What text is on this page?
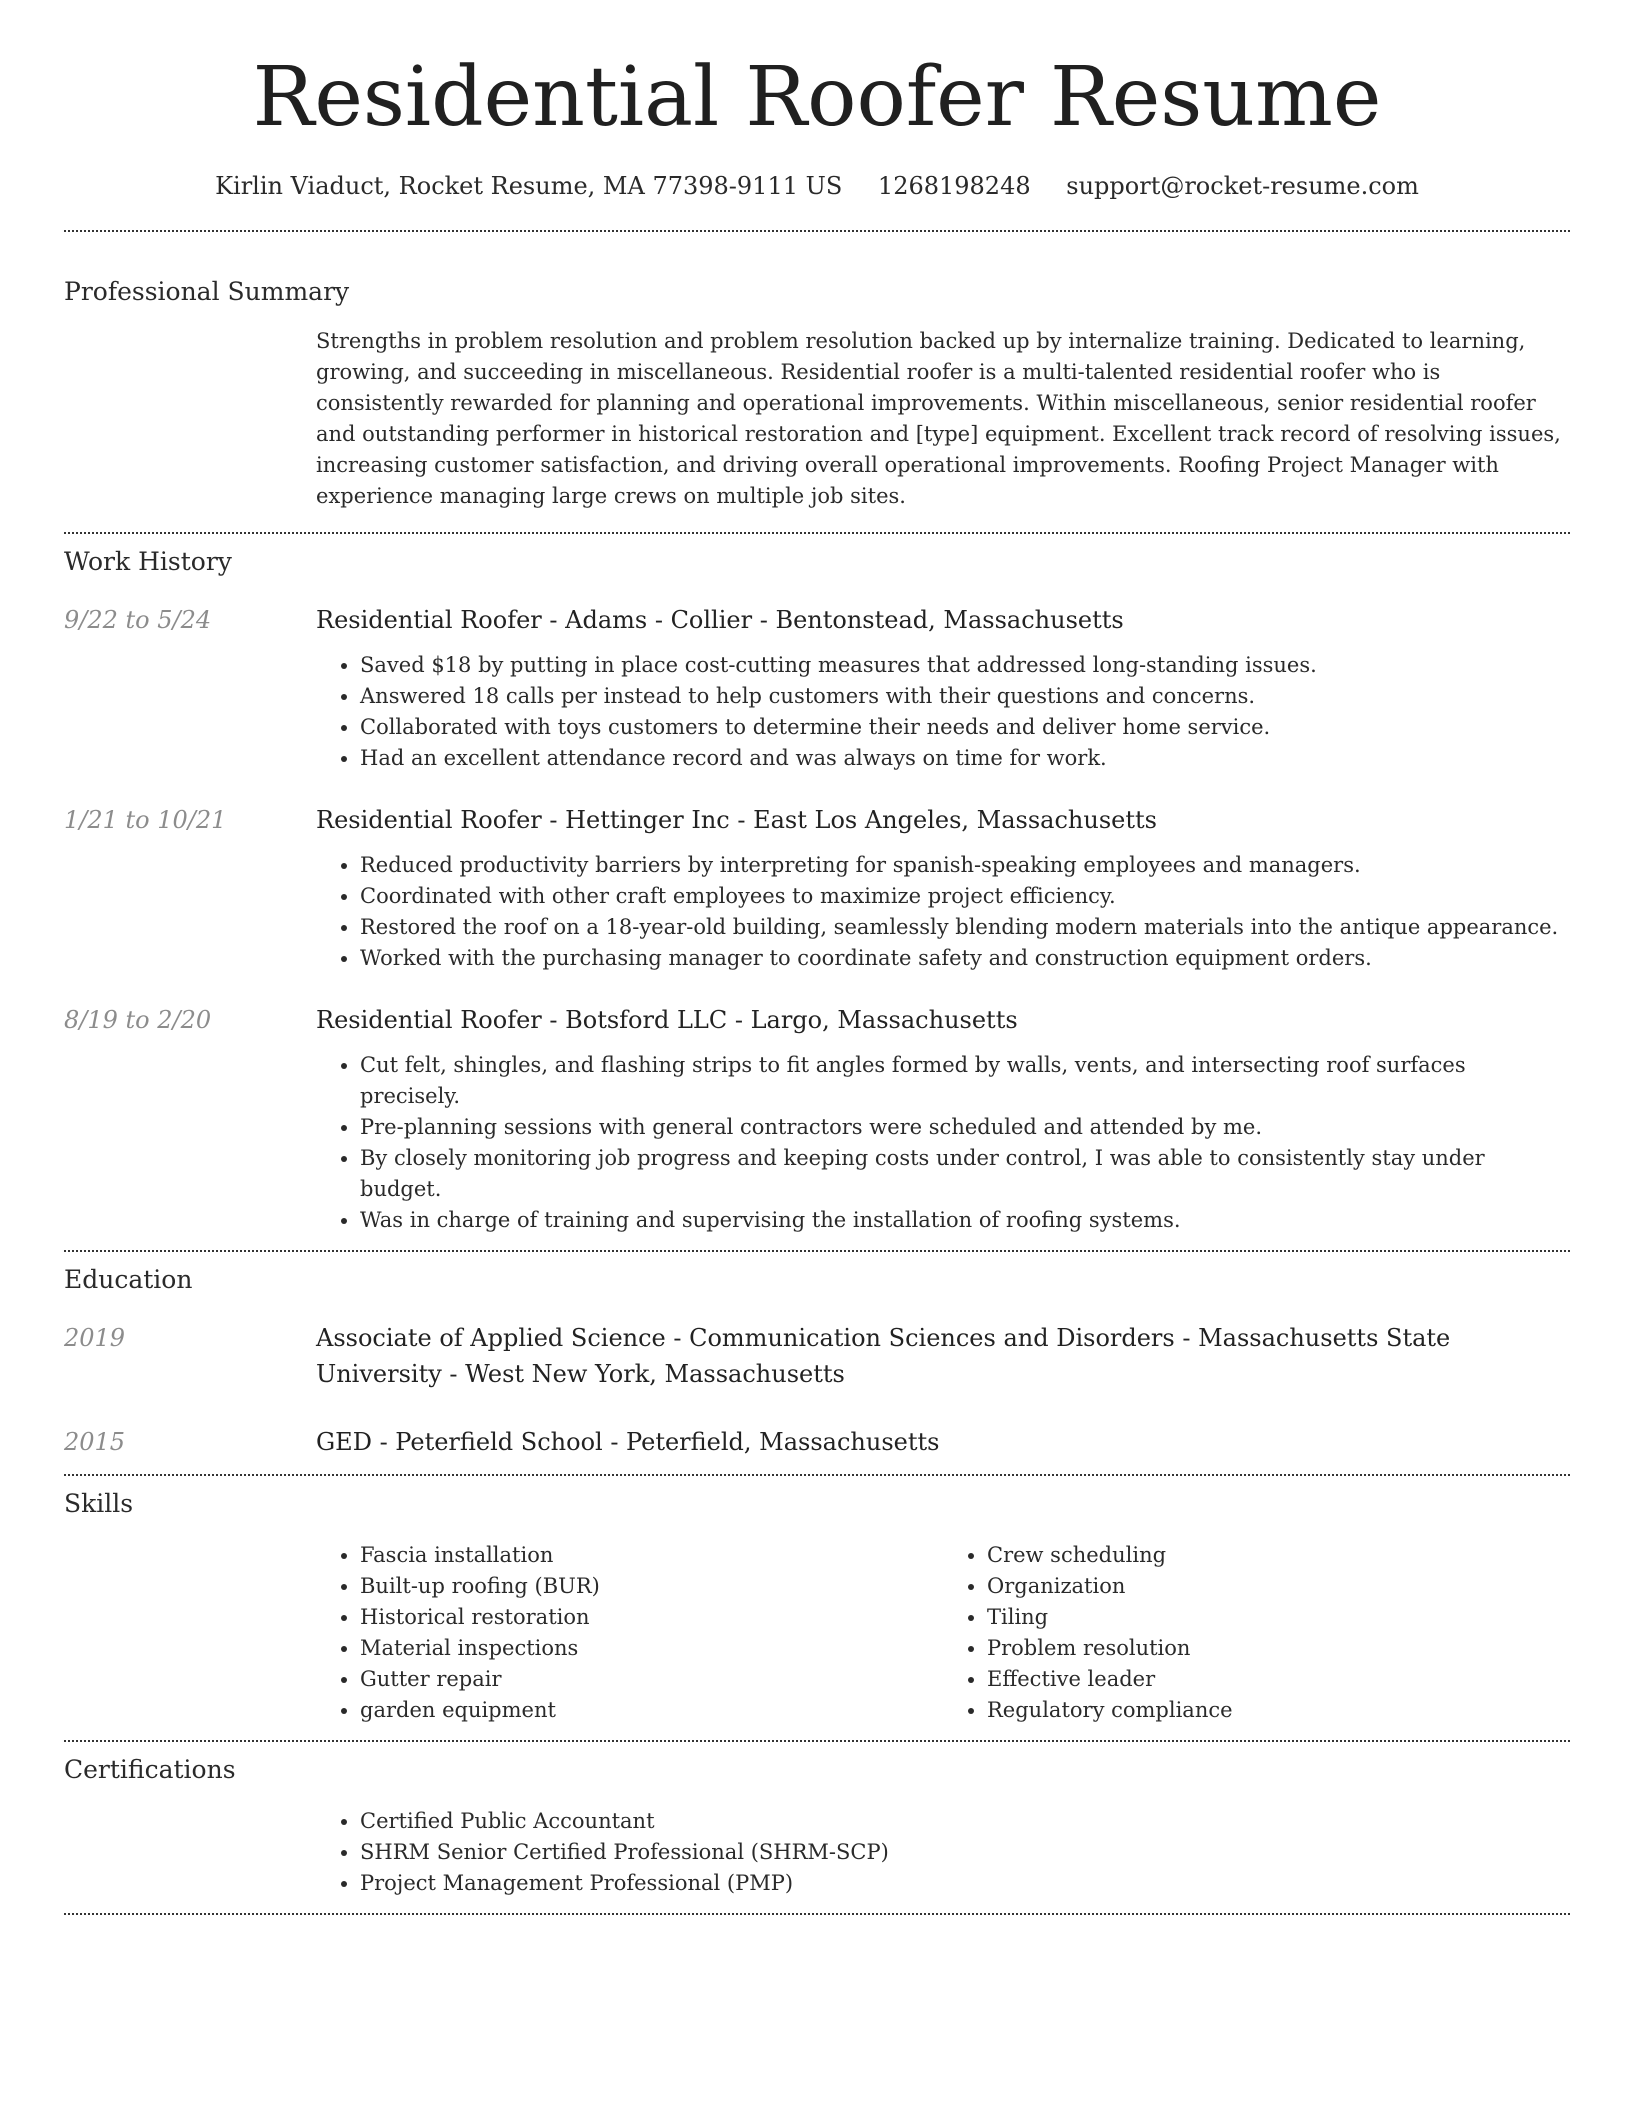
Residential Roofer Resume
Kirlin Viaduct, Rocket Resume, MA 77398-9111 US 1268198248 support@rocket-resume.com
Professional Summary

Strengths in problem resolution and problem resolution backed up by internalize training. Dedicated to learning, growing, and succeeding in miscellaneous. Residential roofer is a multi-talented residential roofer who is consistently rewarded for planning and operational improvements. Within miscellaneous, senior residential roofer and outstanding performer in historical restoration and [type] equipment. Excellent track record of resolving issues, increasing customer satisfaction, and driving overall operational improvements. Roofing Project Manager with experience managing large crews on multiple job sites.

Work History
9/22 to 5/24	Residential Roofer - Adams - Collier - Bentonstead, Massachusetts
• Saved $18 by putting in place cost-cutting measures that addressed long-standing issues.
• Answered 18 calls per instead to help customers with their questions and concerns.
• Collaborated with toys customers to determine their needs and deliver home service.
• Had an excellent attendance record and was always on time for work.
1/21 to 10/21	Residential Roofer - Hettinger Inc - East Los Angeles, Massachusetts
• Reduced productivity barriers by interpreting for spanish-speaking employees and managers.
• Coordinated with other craft employees to maximize project efficiency.
• Restored the roof on a 18-year-old building, seamlessly blending modern materials into the antique appearance.
• Worked with the purchasing manager to coordinate safety and construction equipment orders.
8/19 to 2/20	Residential Roofer - Botsford LLC - Largo, Massachusetts
• Cut felt, shingles, and flashing strips to fit angles formed by walls, vents, and intersecting roof surfaces precisely.
• Pre-planning sessions with general contractors were scheduled and attended by me.
• By closely monitoring job progress and keeping costs under control, I was able to consistently stay under budget.
• Was in charge of training and supervising the installation of roofing systems.
Education
2019	Associate of Applied Science - Communication Sciences and Disorders - Massachusetts State University - West New York, Massachusetts
2015	GED - Peterfield School - Peterfield, Massachusetts
Skills
• Fascia installation
• Built-up roofing (BUR)
• Historical restoration
• Material inspections
• Gutter repair
• garden equipment
• Crew scheduling
• Organization
• Tiling
• Problem resolution
• Effective leader
• Regulatory compliance
Certifications
• Certified Public Accountant
• SHRM Senior Certified Professional (SHRM-SCP)
• Project Management Professional (PMP)
